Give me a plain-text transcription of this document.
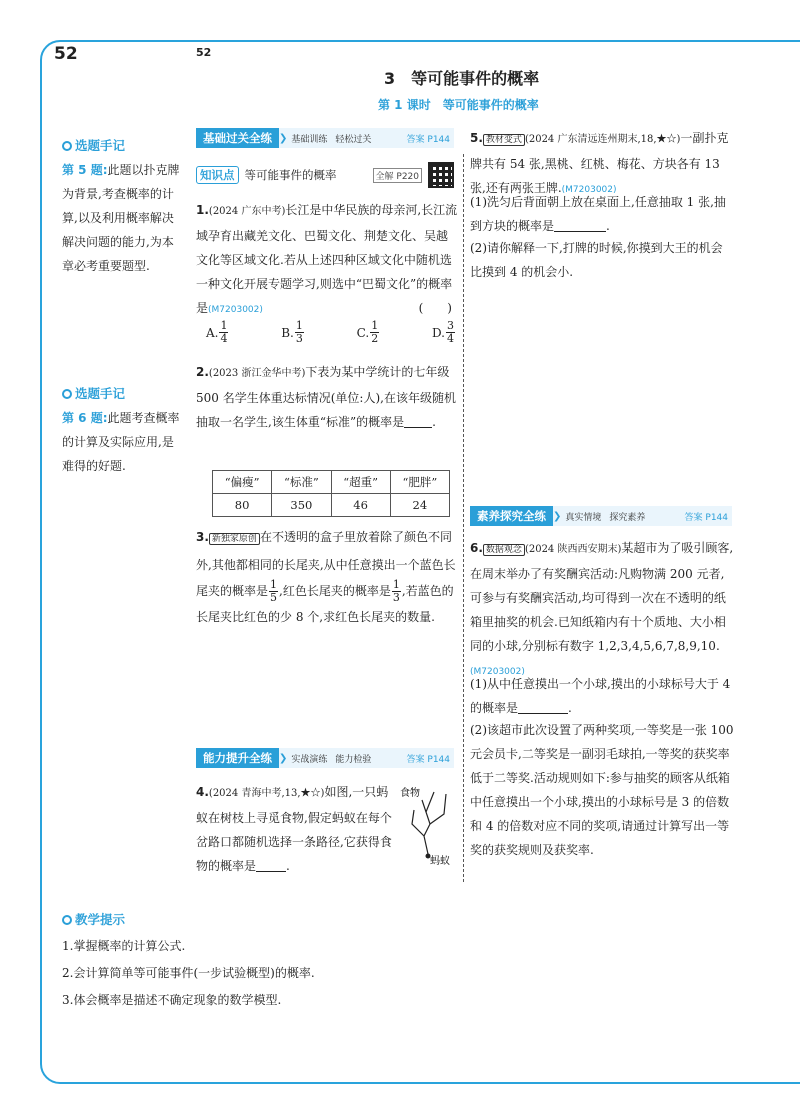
52	52
3　等可能事件的概率
第 1 课时　等可能事件的概率
选题手记
第 5 题:此题以扑克牌为背景,考查概率的计算,以及利用概率解决解决问题的能力,为本章必考重要题型.
选题手记
第 6 题:此题考查概率的计算及实际应用,是难得的好题.
基础过关全练 ❯ 基础训练 轻松过关	答案 P144
知识点 等可能事件的概率	全解 P220
1.(2024 广东中考)长江是中华民族的母亲河,长江流域孕育出藏羌文化、巴蜀文化、荆楚文化、吴越文化等区域文化.若从上述四种区域文化中随机选一种文化开展专题学习,则选中“巴蜀文化”的概率是(M7203002)	(　　)
A. $\frac{1}{4}$	B. $\frac{1}{3}$	C. $\frac{1}{2}$	D. $\frac{3}{4}$
2.(2023 浙江金华中考)下表为某中学统计的七年级 500 名学生体重达标情况(单位:人),在该年级随机抽取一名学生,该生体重“标准”的概率是 .
“偏瘦”	“标准”	“超重”	“肥胖”
80	350	46	24
3. 新独家原创 在不透明的盒子里放着除了颜色不同外,其他都相同的长尾夹,从中任意摸出一个蓝色长尾夹的概率是 $\frac{1}{5}$ ,红色长尾夹的概率是 $\frac{1}{3}$ ,若蓝色的长尾夹比红色的少 8 个,求红色长尾夹的数量.
能力提升全练 ❯ 实战演练 能力检验	答案 P144
4.(2024 青海中考,13,★☆)如图,一只蚂蚁在树枝上寻觅食物,假定蚂蚁在每个岔路口都随机选择一条路径,它获得食物的概率是	.
食物
蚂蚁
5. 教材变式 (2024 广东清远连州期末,18,★☆)一副扑克牌共有 54 张,黑桃、红桃、梅花、方块各有 13 张,还有两张王牌.(M7203002)
(1)洗匀后背面朝上放在桌面上,任意抽取 1 张,抽到方块的概率是	.
(2)请你解释一下,打牌的时候,你摸到大王的机会比摸到 4 的机会小.
素养探究全练 ❯ 真实情境 探究素养	答案 P144
6. 数据观念 (2024 陕西西安期末)某超市为了吸引顾客,在周末举办了有奖酬宾活动:凡购物满 200 元者,可参与有奖酬宾活动,均可得到一次在不透明的纸箱里抽奖的机会.已知纸箱内有十个质地、大小相同的小球,分别标有数字 1,2,3,4,5,6,7,8,9,10.(M7203002)
(1)从中任意摸出一个小球,摸出的小球标号大于 4 的概率是	.
(2)该超市此次设置了两种奖项,一等奖是一张 100 元会员卡,二等奖是一副羽毛球拍,一等奖的获奖率低于二等奖.活动规则如下:参与抽奖的顾客从纸箱中任意摸出一个小球,摸出的小球标号是 3 的倍数和 4 的倍数对应不同的奖项,请通过计算写出一等奖的获奖规则及获奖率.
教学提示
1.掌握概率的计算公式.
2.会计算简单等可能事件(一步试验概型)的概率.
3.体会概率是描述不确定现象的数学模型.
